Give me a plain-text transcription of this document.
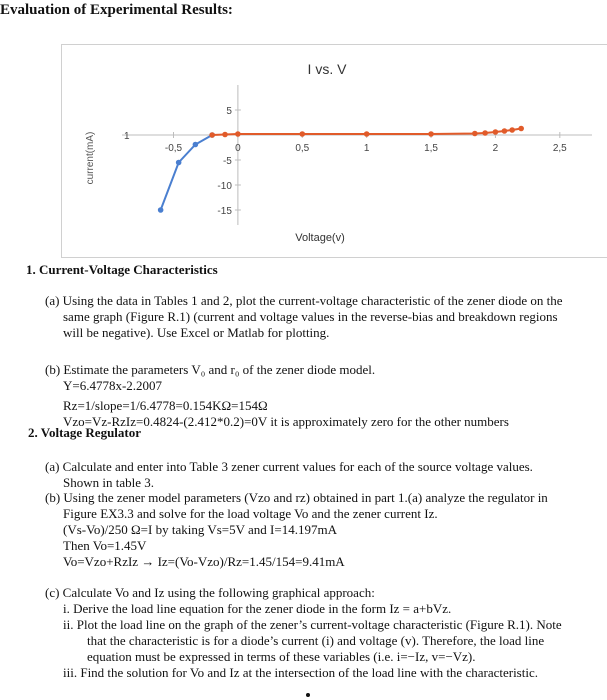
Evaluation of Experimental Results:
I vs. V
Voltage(v)
current(mA)	-0,5	0	0,5	1	1,5	2	2,5
5
-5
-10
-15
1
1. Current-Voltage Characteristics
(a) Using the data in Tables 1 and 2, plot the current-voltage characteristic of the zener diode on the
same graph (Figure R.1) (current and voltage values in the reverse-bias and breakdown regions
will be negative). Use Excel or Matlab for plotting.
(b) Estimate the parameters V₀ and r₀ of the zener diode model.
Y=6.4778x-2.2007
Rz=1/slope=1/6.4778=0.154KΩ=154Ω
Vzo=Vz-RzIz=0.4824-(2.412*0.2)=0V it is approximately zero for the other numbers
2. Voltage Regulator
(a) Calculate and enter into Table 3 zener current values for each of the source voltage values.
Shown in table 3.
(b) Using the zener model parameters (Vzo and rz) obtained in part 1.(a) analyze the regulator in
Figure EX3.3 and solve for the load voltage Vo and the zener current Iz.
(Vs-Vo)/250 Ω=I by taking Vs=5V and I=14.197mA
Then Vo=1.45V
Vo=Vzo+RzIz → Iz=(Vo-Vzo)/Rz=1.45/154=9.41mA
(c) Calculate Vo and Iz using the following graphical approach:
i. Derive the load line equation for the zener diode in the form Iz = a+bVz.
ii. Plot the load line on the graph of the zener’s current-voltage characteristic (Figure R.1). Note
that the characteristic is for a diode’s current (i) and voltage (v). Therefore, the load line
equation must be expressed in terms of these variables (i.e. i=−Iz, v=−Vz).
iii. Find the solution for Vo and Iz at the intersection of the load line with the characteristic.
